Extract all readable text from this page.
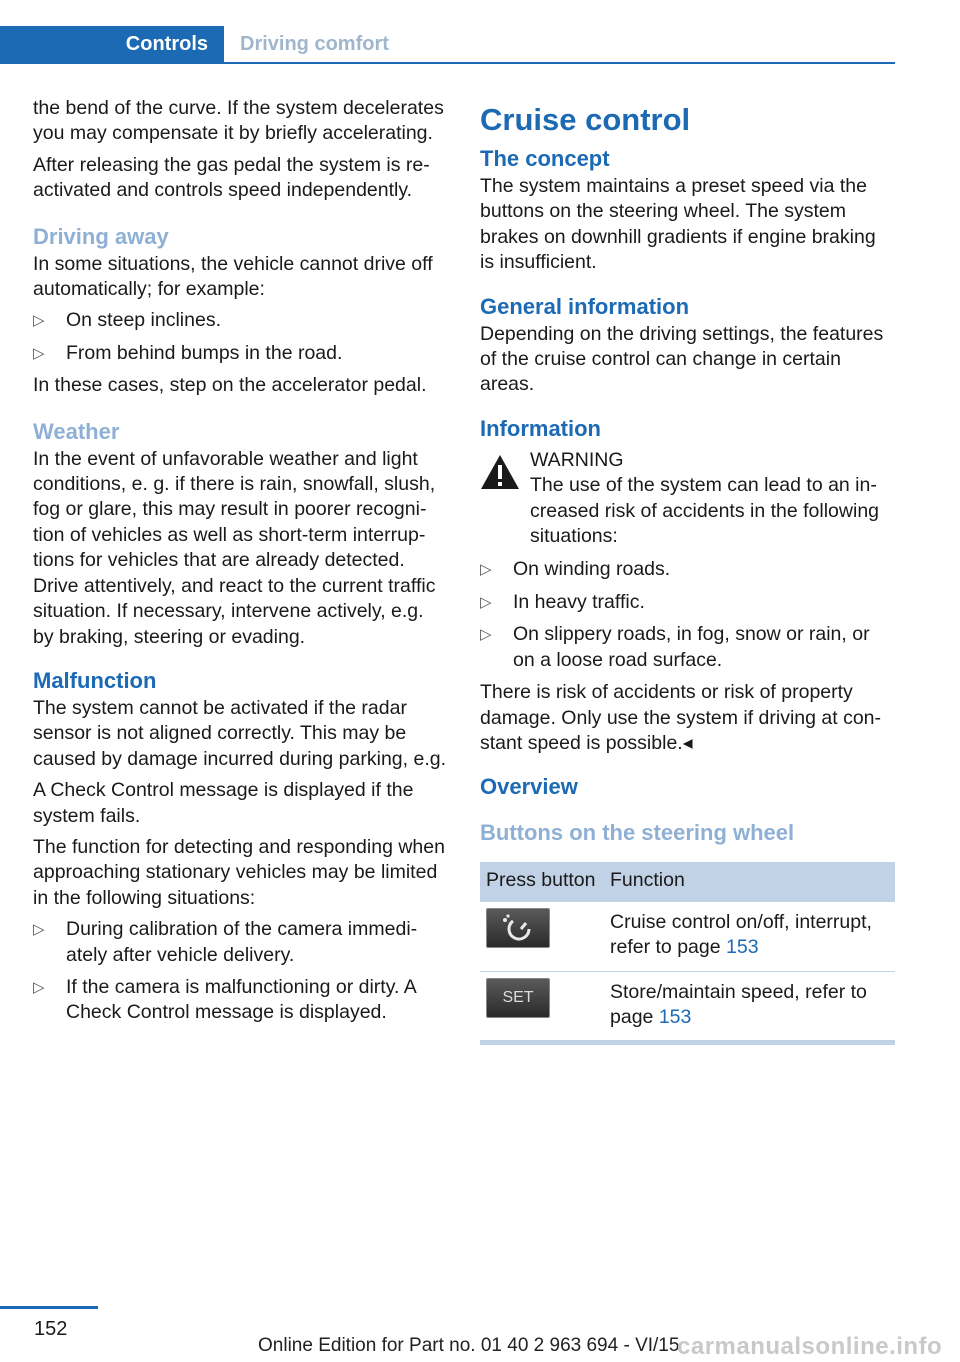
Controls	Driving comfort

the bend of the curve. If the system decelerates you may compensate it by briefly accelerating.

After releasing the gas pedal the system is reactivated and controls speed independently.

Driving away

In some situations, the vehicle cannot drive off automatically; for example:

▷ On steep inclines.
▷ From behind bumps in the road.

In these cases, step on the accelerator pedal.

Weather

In the event of unfavorable weather and light conditions, e. g. if there is rain, snowfall, slush, fog or glare, this may result in poorer recognition of vehicles as well as short-term interruptions for vehicles that are already detected. Drive attentively, and react to the current traffic situation. If necessary, intervene actively, e.g. by braking, steering or evading.

Malfunction

The system cannot be activated if the radar sensor is not aligned correctly. This may be caused by damage incurred during parking, e.g.

A Check Control message is displayed if the system fails.

The function for detecting and responding when approaching stationary vehicles may be limited in the following situations:

▷ During calibration of the camera immediately after vehicle delivery.
▷ If the camera is malfunctioning or dirty. A Check Control message is displayed.
Cruise control
The concept

The system maintains a preset speed via the buttons on the steering wheel. The system brakes on downhill gradients if engine braking is insufficient.

General information

Depending on the driving settings, the features of the cruise control can change in certain areas.

Information
WARNING
The use of the system can lead to an increased risk of accidents in the following situations:
▷ On winding roads.
▷ In heavy traffic.
▷ On slippery roads, in fog, snow or rain, or on a loose road surface.

There is risk of accidents or risk of property damage. Only use the system if driving at constant speed is possible.◂

Overview
Buttons on the steering wheel
Press button	Function

	Cruise control on/off, interrupt, refer to page 153
SET	Store/maintain speed, refer to page 153
152
Online Edition for Part no. 01 40 2 963 694 - VI/15
carmanualsonline.info
